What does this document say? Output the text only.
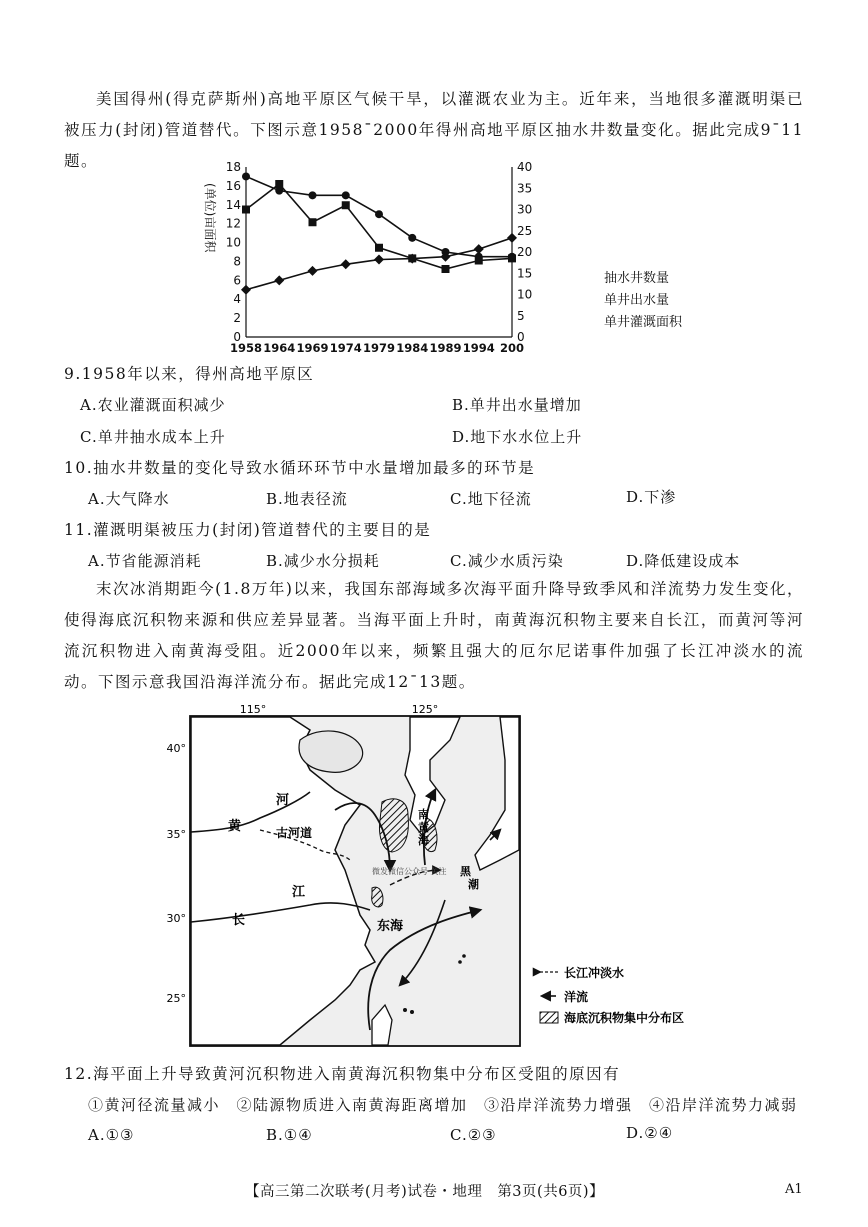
美国得州(得克萨斯州)高地平原区气候干旱，以灌溉农业为主。近年来，当地很多灌溉明渠已被压力(封闭)管道替代。下图示意1958¯2000年得州高地平原区抽水井数量变化。据此完成9¯11题。
0
2
4
6
8
10
12
14
16
18
0
5
10
15
20
25
30
35
40
1958 1964 1969 1974 1979 1984 1989 1994 200
(单位)亩面积
抽水井数量
单井出水量
单井灌溉面积
9.1958年以来，得州高地平原区
A.农业灌溉面积减少	B.单井出水量增加
C.单井抽水成本上升	D.地下水水位上升
10.抽水井数量的变化导致水循环环节中水量增加最多的环节是
A.大气降水	B.地表径流	C.地下径流	D.下渗
11.灌溉明渠被压力(封闭)管道替代的主要目的是
A.节省能源消耗	B.减少水分损耗	C.减少水质污染	D.降低建设成本
末次冰消期距今(1.8万年)以来，我国东部海域多次海平面升降导致季风和洋流势力发生变化，使得海底沉积物来源和供应差异显著。当海平面上升时，南黄海沉积物主要来自长江，而黄河等河流沉积物进入南黄海受阻。近2000年以来，频繁且强大的厄尔尼诺事件加强了长江冲淡水的流动。下图示意我国沿海洋流分布。据此完成12¯13题。
115°	125°
40°
35°
30°
25°
黄
河
古河道
江
长	东海
南
黄
海
微发微信公众号 关注 黑
潮
长江冲淡水
洋流
海底沉积物集中分布区
12.海平面上升导致黄河沉积物进入南黄海沉积物集中分布区受阻的原因有
①黄河径流量减小　②陆源物质进入南黄海距离增加　③沿岸洋流势力增强　④沿岸洋流势力减弱
A.①③	B.①④	C.②③	D.②④
【高三第二次联考(月考)试卷・地理　第3页(共6页)】	A1
